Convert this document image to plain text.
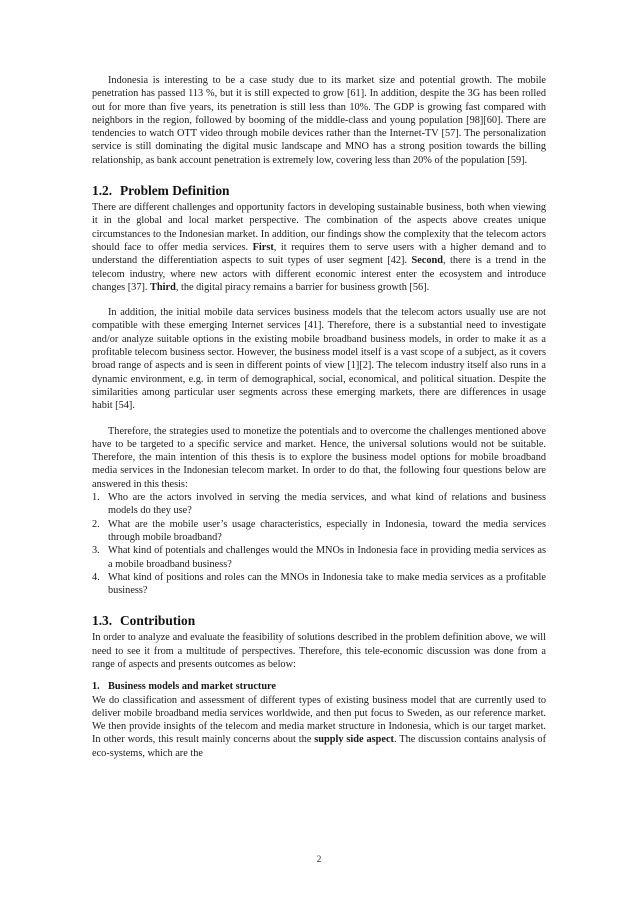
Indonesia is interesting to be a case study due to its market size and potential growth. The mobile penetration has passed 113 %, but it is still expected to grow [61]. In addition, despite the 3G has been rolled out for more than five years, its penetration is still less than 10%. The GDP is growing fast compared with neighbors in the region, followed by booming of the middle-class and young population [98][60]. There are tendencies to watch OTT video through mobile devices rather than the Internet-TV [57]. The personalization service is still dominating the digital music landscape and MNO has a strong position towards the billing relationship, as bank account penetration is extremely low, covering less than 20% of the population [59].

1.2. Problem Definition

There are different challenges and opportunity factors in developing sustainable business, both when viewing it in the global and local market perspective. The combination of the aspects above creates unique circumstances to the Indonesian market. In addition, our findings show the complexity that the telecom actors should face to offer media services. First, it requires them to serve users with a higher demand and to understand the differentiation aspects to suit types of user segment [42]. Second, there is a trend in the telecom industry, where new actors with different economic interest enter the ecosystem and introduce changes [37]. Third, the digital piracy remains a barrier for business growth [56].

In addition, the initial mobile data services business models that the telecom actors usually use are not compatible with these emerging Internet services [41]. Therefore, there is a substantial need to investigate and/or analyze suitable options in the existing mobile broadband business models, in order to make it as a profitable telecom business sector. However, the business model itself is a vast scope of a subject, as it covers broad range of aspects and is seen in different points of view [1][2]. The telecom industry itself also runs in a dynamic environment, e.g. in term of demographical, social, economical, and political situation. Despite the similarities among particular user segments across these emerging markets, there are differences in usage habit [54].

Therefore, the strategies used to monetize the potentials and to overcome the challenges mentioned above have to be targeted to a specific service and market. Hence, the universal solutions would not be suitable. Therefore, the main intention of this thesis is to explore the business model options for mobile broadband media services in the Indonesian telecom market. In order to do that, the following four questions below are answered in this thesis:

1. Who are the actors involved in serving the media services, and what kind of relations and business models do they use?
2. What are the mobile user’s usage characteristics, especially in Indonesia, toward the media services through mobile broadband?
3. What kind of potentials and challenges would the MNOs in Indonesia face in providing media services as a mobile broadband business?
4. What kind of positions and roles can the MNOs in Indonesia take to make media services as a profitable business?
1.3. Contribution

In order to analyze and evaluate the feasibility of solutions described in the problem definition above, we will need to see it from a multitude of perspectives. Therefore, this tele-economic discussion was done from a range of aspects and presents outcomes as below:

1. Business models and market structure

We do classification and assessment of different types of existing business model that are currently used to deliver mobile broadband media services worldwide, and then put focus to Sweden, as our reference market. We then provide insights of the telecom and media market structure in Indonesia, which is our target market. In other words, this result mainly concerns about the supply side aspect. The discussion contains analysis of eco-systems, which are the

2
